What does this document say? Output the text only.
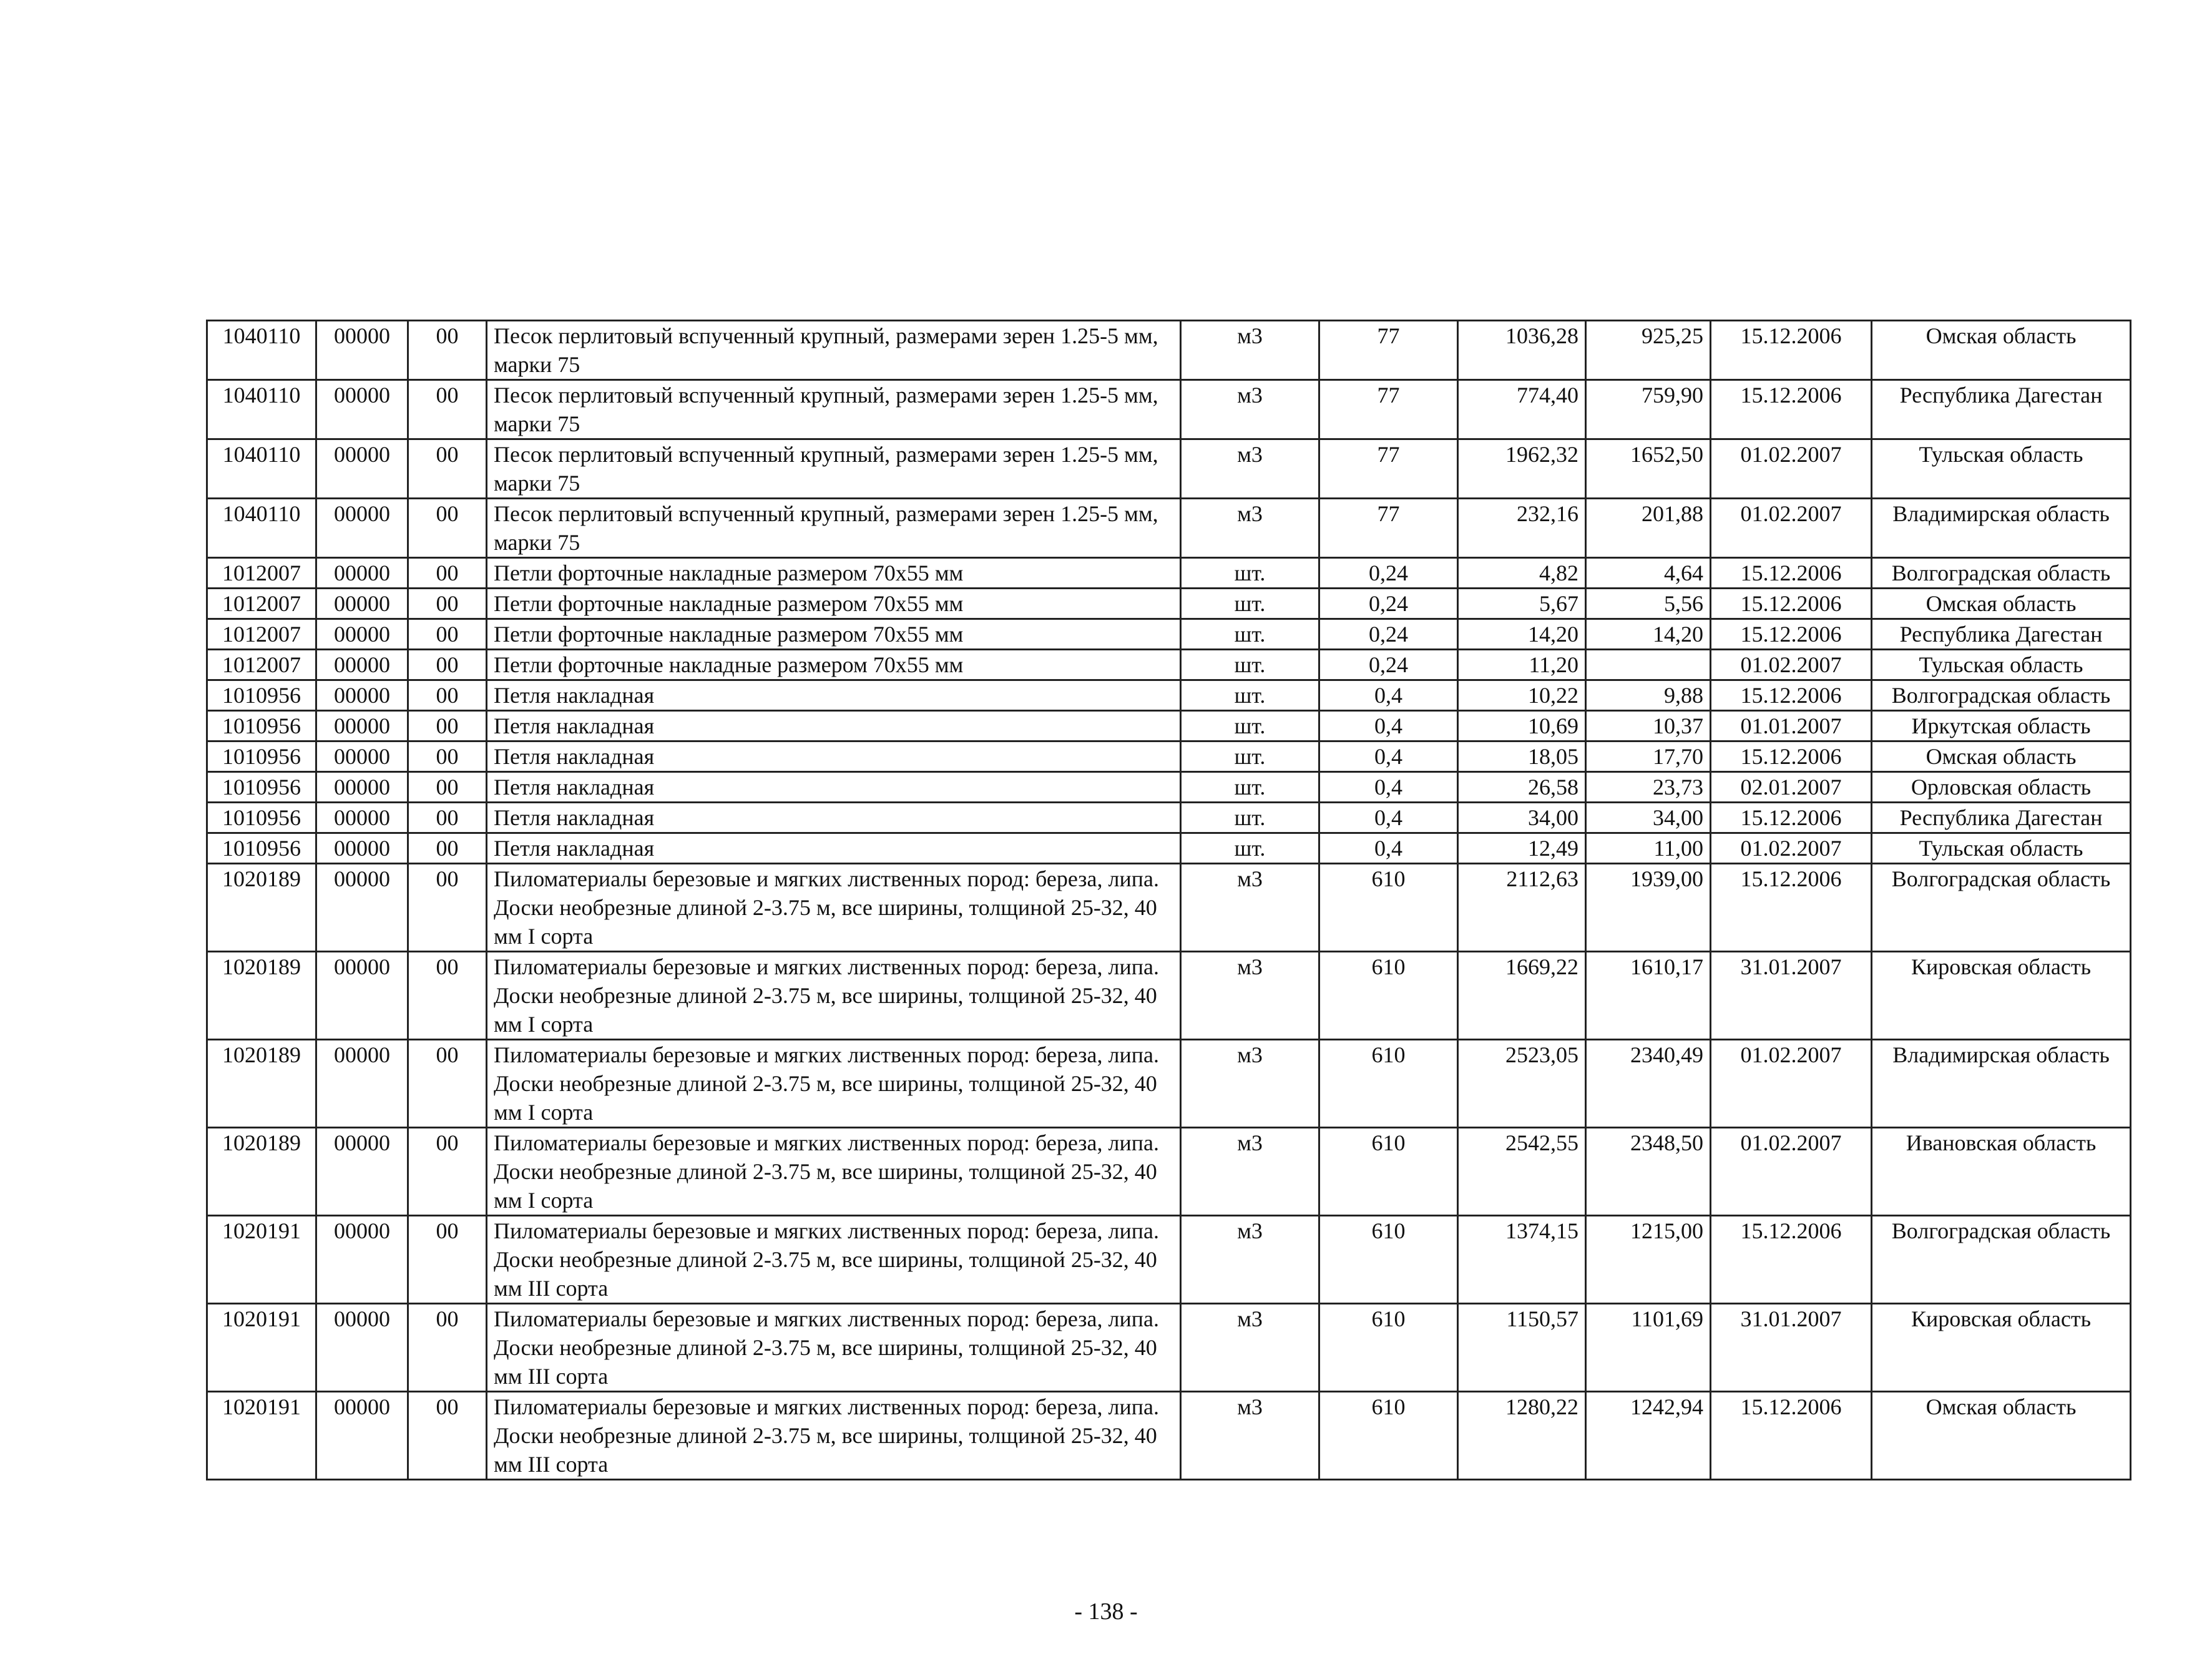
1040110	00000	00	Песок перлитовый вспученный крупный, размерами зерен 1.25-5 мм, марки 75	м3	77	1036,28	925,25	15.12.2006	Омская область
1040110	00000	00	Песок перлитовый вспученный крупный, размерами зерен 1.25-5 мм, марки 75	м3	77	774,40	759,90	15.12.2006	Республика Дагестан
1040110	00000	00	Песок перлитовый вспученный крупный, размерами зерен 1.25-5 мм, марки 75	м3	77	1962,32	1652,50	01.02.2007	Тульская область
1040110	00000	00	Песок перлитовый вспученный крупный, размерами зерен 1.25-5 мм, марки 75	м3	77	232,16	201,88	01.02.2007	Владимирская область
1012007	00000	00	Петли форточные накладные размером 70х55 мм	шт.	0,24	4,82	4,64	15.12.2006	Волгоградская область
1012007	00000	00	Петли форточные накладные размером 70х55 мм	шт.	0,24	5,67	5,56	15.12.2006	Омская область
1012007	00000	00	Петли форточные накладные размером 70х55 мм	шт.	0,24	14,20	14,20	15.12.2006	Республика Дагестан
1012007	00000	00	Петли форточные накладные размером 70х55 мм	шт.	0,24	11,20		01.02.2007	Тульская область
1010956	00000	00	Петля накладная	шт.	0,4	10,22	9,88	15.12.2006	Волгоградская область
1010956	00000	00	Петля накладная	шт.	0,4	10,69	10,37	01.01.2007	Иркутская область
1010956	00000	00	Петля накладная	шт.	0,4	18,05	17,70	15.12.2006	Омская область
1010956	00000	00	Петля накладная	шт.	0,4	26,58	23,73	02.01.2007	Орловская область
1010956	00000	00	Петля накладная	шт.	0,4	34,00	34,00	15.12.2006	Республика Дагестан
1010956	00000	00	Петля накладная	шт.	0,4	12,49	11,00	01.02.2007	Тульская область
1020189	00000	00	Пиломатериалы березовые и мягких лиственных пород: береза, липа. Доски необрезные длиной 2-3.75 м, все ширины, толщиной 25-32, 40 мм I сорта	м3	610	2112,63	1939,00	15.12.2006	Волгоградская область
1020189	00000	00	Пиломатериалы березовые и мягких лиственных пород: береза, липа. Доски необрезные длиной 2-3.75 м, все ширины, толщиной 25-32, 40 мм I сорта	м3	610	1669,22	1610,17	31.01.2007	Кировская область
1020189	00000	00	Пиломатериалы березовые и мягких лиственных пород: береза, липа. Доски необрезные длиной 2-3.75 м, все ширины, толщиной 25-32, 40 мм I сорта	м3	610	2523,05	2340,49	01.02.2007	Владимирская область
1020189	00000	00	Пиломатериалы березовые и мягких лиственных пород: береза, липа. Доски необрезные длиной 2-3.75 м, все ширины, толщиной 25-32, 40 мм I сорта	м3	610	2542,55	2348,50	01.02.2007	Ивановская область
1020191	00000	00	Пиломатериалы березовые и мягких лиственных пород: береза, липа. Доски необрезные длиной 2-3.75 м, все ширины, толщиной 25-32, 40 мм III сорта	м3	610	1374,15	1215,00	15.12.2006	Волгоградская область
1020191	00000	00	Пиломатериалы березовые и мягких лиственных пород: береза, липа. Доски необрезные длиной 2-3.75 м, все ширины, толщиной 25-32, 40 мм III сорта	м3	610	1150,57	1101,69	31.01.2007	Кировская область
1020191	00000	00	Пиломатериалы березовые и мягких лиственных пород: береза, липа. Доски необрезные длиной 2-3.75 м, все ширины, толщиной 25-32, 40 мм III сорта	м3	610	1280,22	1242,94	15.12.2006	Омская область
- 138 -
